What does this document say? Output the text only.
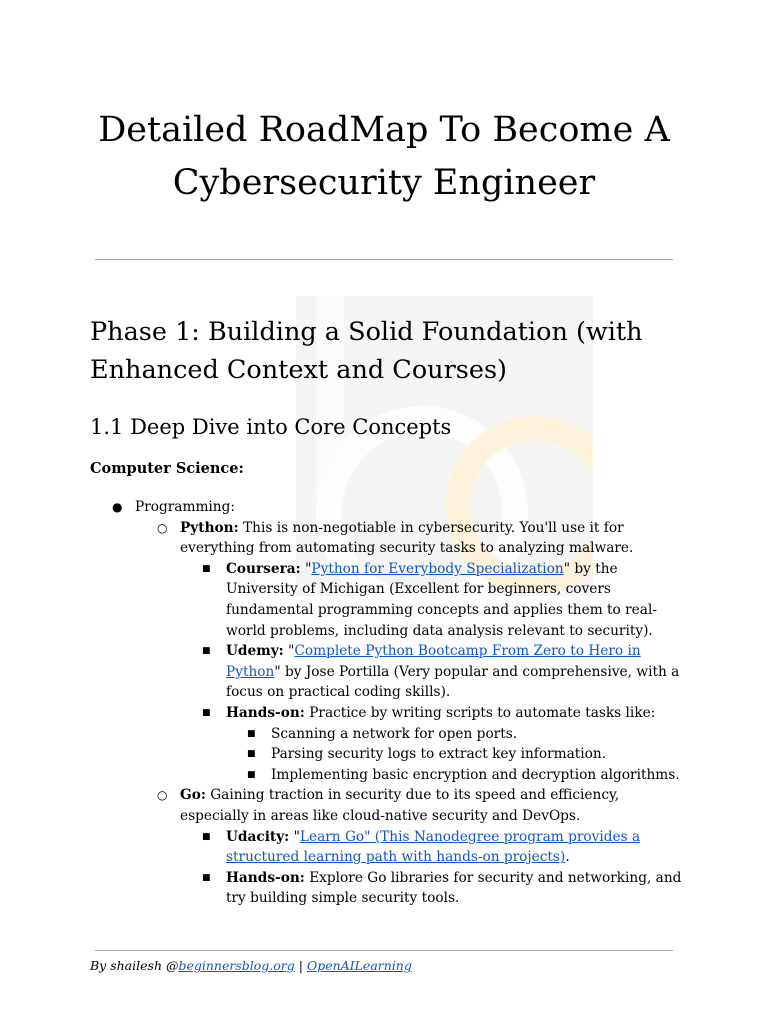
Detailed RoadMap To Become A Cybersecurity Engineer
Phase 1: Building a Solid Foundation (with Enhanced Context and Courses)
1.1 Deep Dive into Core Concepts

Computer Science:

●
Programming:
○
Python: This is non-negotiable in cybersecurity. You'll use it for everything from automating security tasks to analyzing malware.
■
Coursera: "Python for Everybody Specialization" by the University of Michigan (Excellent for beginners, covers fundamental programming concepts and applies them to real-world problems, including data analysis relevant to security).
■
Udemy: "Complete Python Bootcamp From Zero to Hero in Python" by Jose Portilla (Very popular and comprehensive, with a focus on practical coding skills).
■
Hands-on: Practice by writing scripts to automate tasks like:
■
Scanning a network for open ports.
■
Parsing security logs to extract key information.
■
Implementing basic encryption and decryption algorithms.
○
Go: Gaining traction in security due to its speed and efficiency, especially in areas like cloud-native security and DevOps.
■
Udacity: "Learn Go" (This Nanodegree program provides a structured learning path with hands-on projects).
■
Hands-on: Explore Go libraries for security and networking, and try building simple security tools.
By shailesh @beginnersblog.org | OpenAILearning
